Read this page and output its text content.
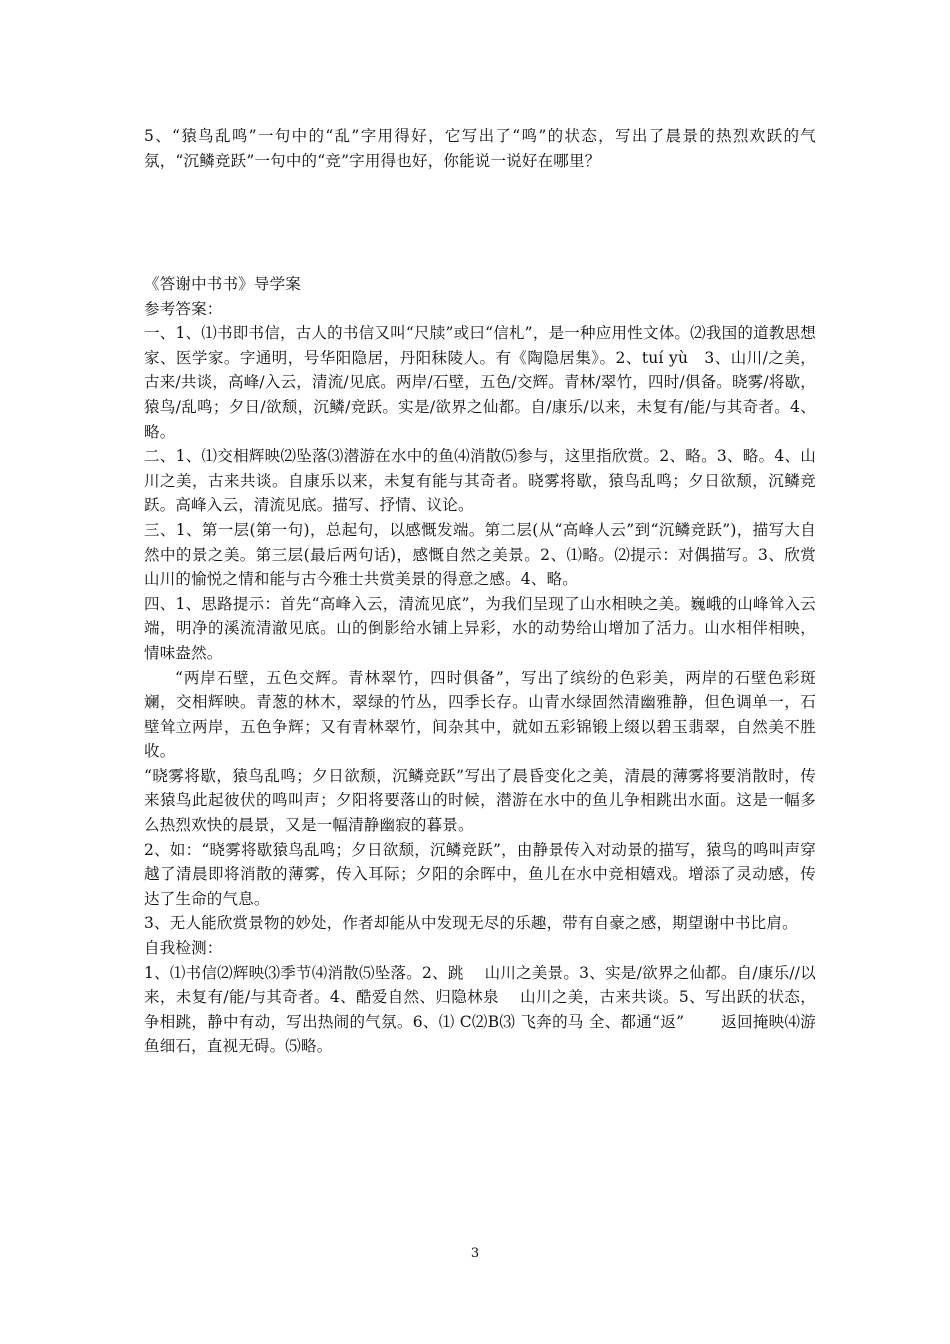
5、“猿鸟乱鸣”一句中的“乱”字用得好，它写出了“鸣”的状态，写出了晨景的热烈欢跃的气氛，“沉鳞竞跃”一句中的“竞”字用得也好，你能说一说好在哪里？

《答谢中书书》导学案

参考答案：

一、1、⑴书即书信，古人的书信又叫“尺牍”或曰“信札”，是一种应用性文体。⑵我国的道教思想家、医学家。字通明，号华阳隐居，丹阳秣陵人。有《陶隐居集》。2、tuí yù　3、山川/之美，古来/共谈，高峰/入云，清流/见底。两岸/石壁，五色/交辉。青林/翠竹，四时/俱备。晓雾/将歇，猿鸟/乱鸣；夕日/欲颓，沉鳞/竞跃。实是/欲界之仙都。自/康乐/以来，未复有/能/与其奇者。4、略。

二、1、⑴交相辉映⑵坠落⑶潜游在水中的鱼⑷消散⑸参与，这里指欣赏。2、略。3、略。4、山川之美，古来共谈。自康乐以来，未复有能与其奇者。晓雾将歇，猿鸟乱鸣；夕日欲颓，沉鳞竞跃。高峰入云，清流见底。描写、抒情、议论。

三、1、第一层(第一句)，总起句，以感慨发端。第二层(从“高峰人云”到“沉鳞竞跃”)，描写大自然中的景之美。第三层(最后两句话)，感慨自然之美景。2、⑴略。⑵提示：对偶描写。3、欣赏山川的愉悦之情和能与古今雅士共赏美景的得意之感。4、略。

四、1、思路提示：首先“高峰入云，清流见底”，为我们呈现了山水相映之美。巍峨的山峰耸入云端，明净的溪流清澈见底。山的倒影给水铺上异彩，水的动势给山增加了活力。山水相伴相映，情味盎然。

“两岸石壁，五色交辉。青林翠竹，四时俱备”，写出了缤纷的色彩美，两岸的石壁色彩斑斓，交相辉映。青葱的林木，翠绿的竹丛，四季长存。山青水绿固然清幽雅静，但色调单一，石壁耸立两岸，五色争辉；又有青林翠竹，间杂其中，就如五彩锦锻上缀以碧玉翡翠，自然美不胜收。

“晓雾将歇，猿鸟乱鸣；夕日欲颓，沉鳞竞跃”写出了晨昏变化之美，清晨的薄雾将要消散时，传来猿鸟此起彼伏的鸣叫声；夕阳将要落山的时候，潜游在水中的鱼儿争相跳出水面。这是一幅多么热烈欢快的晨景，又是一幅清静幽寂的暮景。

2、如：“晓雾将歇猿鸟乱鸣；夕日欲颓，沉鳞竞跃”，由静景传入对动景的描写，猿鸟的鸣叫声穿越了清晨即将消散的薄雾，传入耳际；夕阳的余晖中，鱼儿在水中竞相嬉戏。增添了灵动感，传达了生命的气息。

3、无人能欣赏景物的妙处，作者却能从中发现无尽的乐趣，带有自豪之感，期望谢中书比肩。

自我检测：

1、⑴书信⑵辉映⑶季节⑷消散⑸坠落。2、跳　 山川之美景。3、实是/欲界之仙都。自/康乐//以来，未复有/能/与其奇者。4、酷爱自然、归隐林泉　 山川之美，古来共谈。5、写出跃的状态，争相跳，静中有动，写出热闹的气氛。6、⑴ C⑵B⑶ 飞奔的马 全、都通“返”　　 返回掩映⑷游鱼细石，直视无碍。⑸略。

3
